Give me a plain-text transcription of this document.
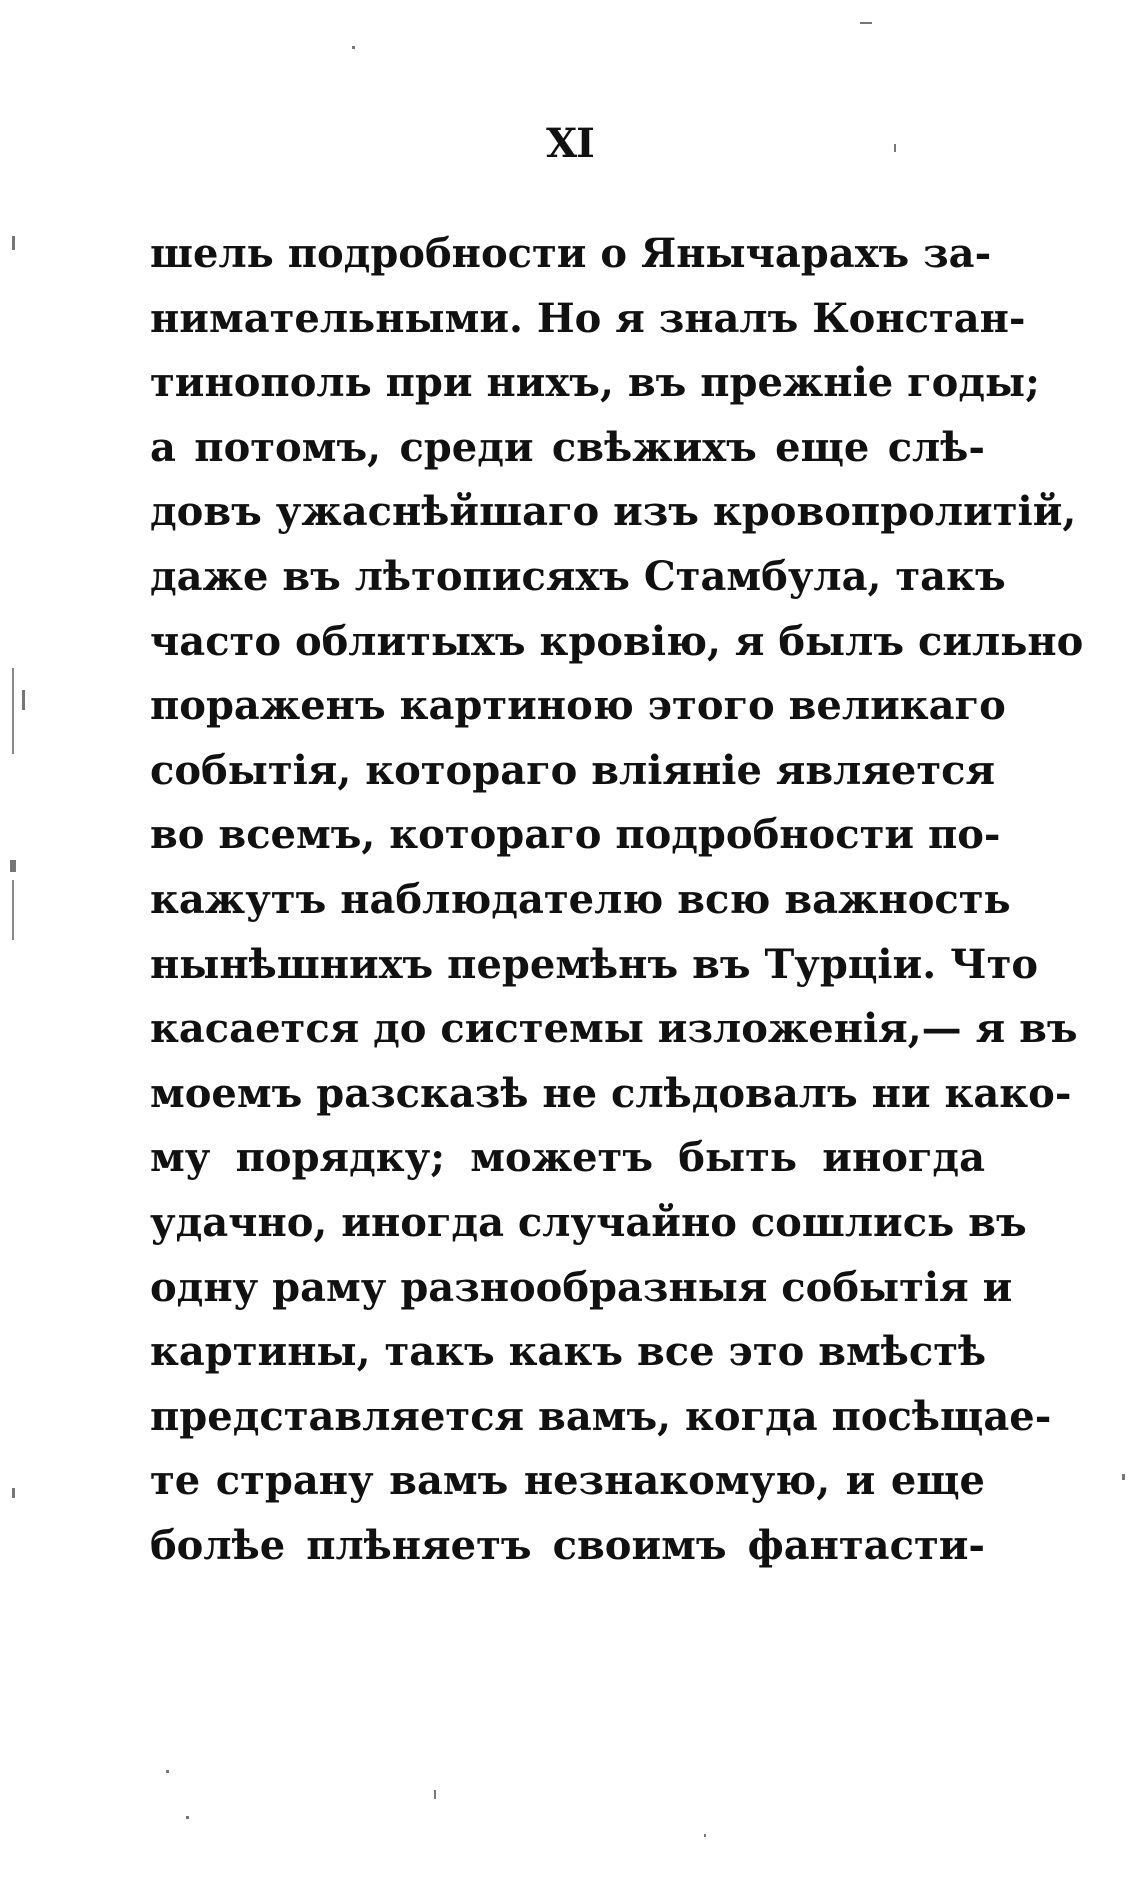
XI
шель подробности о Янычарахъ за-
нимательными. Но я зналъ Констан-
тинополь при нихъ, въ прежніе годы;
а потомъ, среди свѣжихъ еще слѣ-
довъ ужаснѣйшаго изъ кровопролитій,
даже въ лѣтописяхъ Стамбула, такъ
часто облитыхъ кровію, я былъ сильно
пораженъ картиною этого великаго
событія, котораго вліяніе является
во всемъ, котораго подробности по-
кажутъ наблюдателю всю важность
нынѣшнихъ перемѣнъ въ Турціи. Что
касается до системы изложенія,— я въ
моемъ разсказѣ не слѣдовалъ ни како-
му порядку; можетъ быть иногда
удачно, иногда случайно сошлись въ
одну раму разнообразныя событія и
картины, такъ какъ все это вмѣстѣ
представляется вамъ, когда посѣщае-
те страну вамъ незнакомую, и еще
болѣе плѣняетъ своимъ фантасти-
